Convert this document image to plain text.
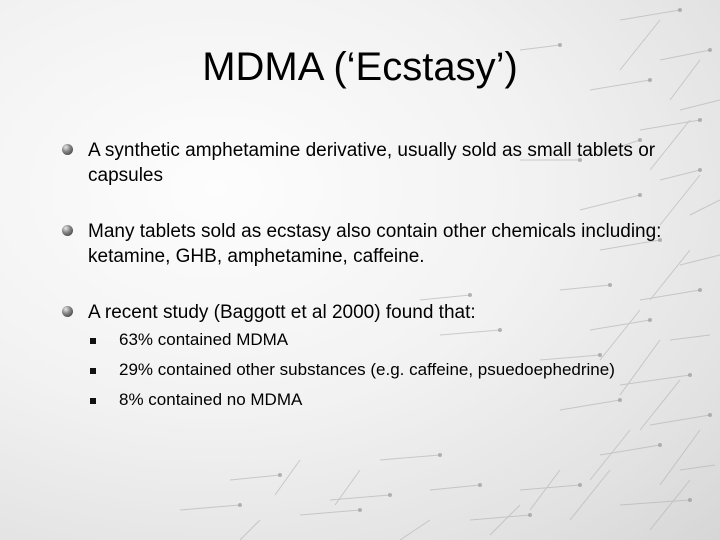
MDMA (‘Ecstasy’)
A synthetic amphetamine derivative, usually sold as small tablets or capsules
Many tablets sold as ecstasy also contain other chemicals including: ketamine, GHB, amphetamine, caffeine.
A recent study (Baggott et al 2000) found that:
63% contained MDMA
29% contained other substances (e.g. caffeine, psuedoephedrine)
8% contained no MDMA
